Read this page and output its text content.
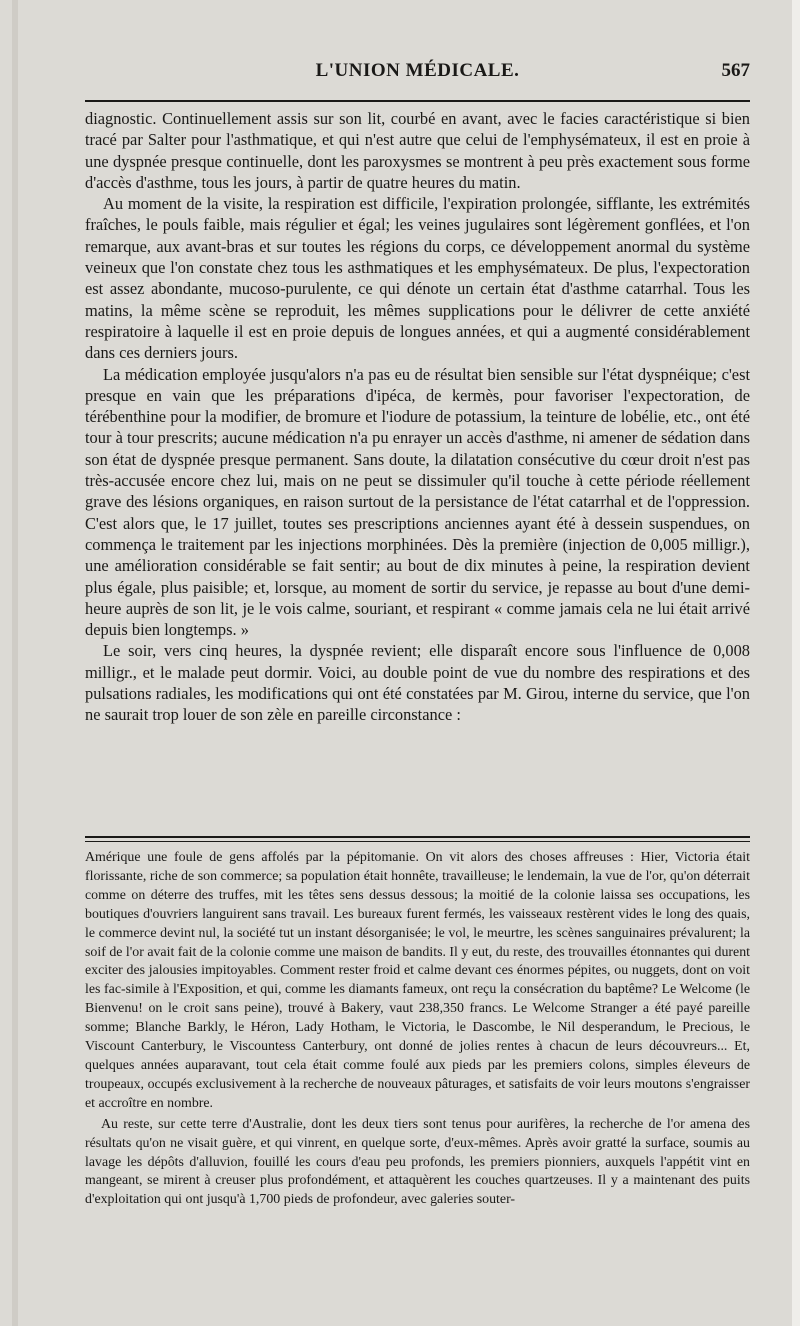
L'UNION MÉDICALE.	567

diagnostic. Continuellement assis sur son lit, courbé en avant, avec le facies caractéristique si bien tracé par Salter pour l'asthmatique, et qui n'est autre que celui de l'emphysémateux, il est en proie à une dyspnée presque continuelle, dont les paroxysmes se montrent à peu près exactement sous forme d'accès d'asthme, tous les jours, à partir de quatre heures du matin.

Au moment de la visite, la respiration est difficile, l'expiration prolongée, sifflante, les extrémités fraîches, le pouls faible, mais régulier et égal; les veines jugulaires sont légèrement gonflées, et l'on remarque, aux avant-bras et sur toutes les régions du corps, ce développement anormal du système veineux que l'on constate chez tous les asthmatiques et les emphysémateux. De plus, l'expectoration est assez abondante, mucoso-purulente, ce qui dénote un certain état d'asthme catarrhal. Tous les matins, la même scène se reproduit, les mêmes supplications pour le délivrer de cette anxiété respiratoire à laquelle il est en proie depuis de longues années, et qui a augmenté considérablement dans ces derniers jours.

La médication employée jusqu'alors n'a pas eu de résultat bien sensible sur l'état dyspnéique; c'est presque en vain que les préparations d'ipéca, de kermès, pour favoriser l'expectoration, de térébenthine pour la modifier, de bromure et l'iodure de potassium, la teinture de lobélie, etc., ont été tour à tour prescrits; aucune médication n'a pu enrayer un accès d'asthme, ni amener de sédation dans son état de dyspnée presque permanent. Sans doute, la dilatation consécutive du cœur droit n'est pas très-accusée encore chez lui, mais on ne peut se dissimuler qu'il touche à cette période réellement grave des lésions organiques, en raison surtout de la persistance de l'état catarrhal et de l'oppression. C'est alors que, le 17 juillet, toutes ses prescriptions anciennes ayant été à dessein suspendues, on commença le traitement par les injections morphinées. Dès la première (injection de 0,005 milligr.), une amélioration considérable se fait sentir; au bout de dix minutes à peine, la respiration devient plus égale, plus paisible; et, lorsque, au moment de sortir du service, je repasse au bout d'une demi-heure auprès de son lit, je le vois calme, souriant, et respirant « comme jamais cela ne lui était arrivé depuis bien longtemps. »

Le soir, vers cinq heures, la dyspnée revient; elle disparaît encore sous l'influence de 0,008 milligr., et le malade peut dormir. Voici, au double point de vue du nombre des respirations et des pulsations radiales, les modifications qui ont été constatées par M. Girou, interne du service, que l'on ne saurait trop louer de son zèle en pareille circonstance :

Amérique une foule de gens affolés par la pépitomanie. On vit alors des choses affreuses : Hier, Victoria était florissante, riche de son commerce; sa population était honnête, travailleuse; le lendemain, la vue de l'or, qu'on déterrait comme on déterre des truffes, mit les têtes sens dessus dessous; la moitié de la colonie laissa ses occupations, les boutiques d'ouvriers languirent sans travail. Les bureaux furent fermés, les vaisseaux restèrent vides le long des quais, le commerce devint nul, la société tut un instant désorganisée; le vol, le meurtre, les scènes sanguinaires prévalurent; la soif de l'or avait fait de la colonie comme une maison de bandits. Il y eut, du reste, des trouvailles étonnantes qui durent exciter des jalousies impitoyables. Comment rester froid et calme devant ces énormes pépites, ou nuggets, dont on voit les fac-simile à l'Exposition, et qui, comme les diamants fameux, ont reçu la consécration du baptême? Le Welcome (le Bienvenu! on le croit sans peine), trouvé à Bakery, vaut 238,350 francs. Le Welcome Stranger a été payé pareille somme; Blanche Barkly, le Héron, Lady Hotham, le Victoria, le Dascombe, le Nil desperandum, le Precious, le Viscount Canterbury, le Viscountess Canterbury, ont donné de jolies rentes à chacun de leurs découvreurs... Et, quelques années auparavant, tout cela était comme foulé aux pieds par les premiers colons, simples éleveurs de troupeaux, occupés exclusivement à la recherche de nouveaux pâturages, et satisfaits de voir leurs moutons s'engraisser et accroître en nombre.

Au reste, sur cette terre d'Australie, dont les deux tiers sont tenus pour aurifères, la recherche de l'or amena des résultats qu'on ne visait guère, et qui vinrent, en quelque sorte, d'eux-mêmes. Après avoir gratté la surface, soumis au lavage les dépôts d'alluvion, fouillé les cours d'eau peu profonds, les premiers pionniers, auxquels l'appétit vint en mangeant, se mirent à creuser plus profondément, et attaquèrent les couches quartzeuses. Il y a maintenant des puits d'exploitation qui ont jusqu'à 1,700 pieds de profondeur, avec galeries souter-
